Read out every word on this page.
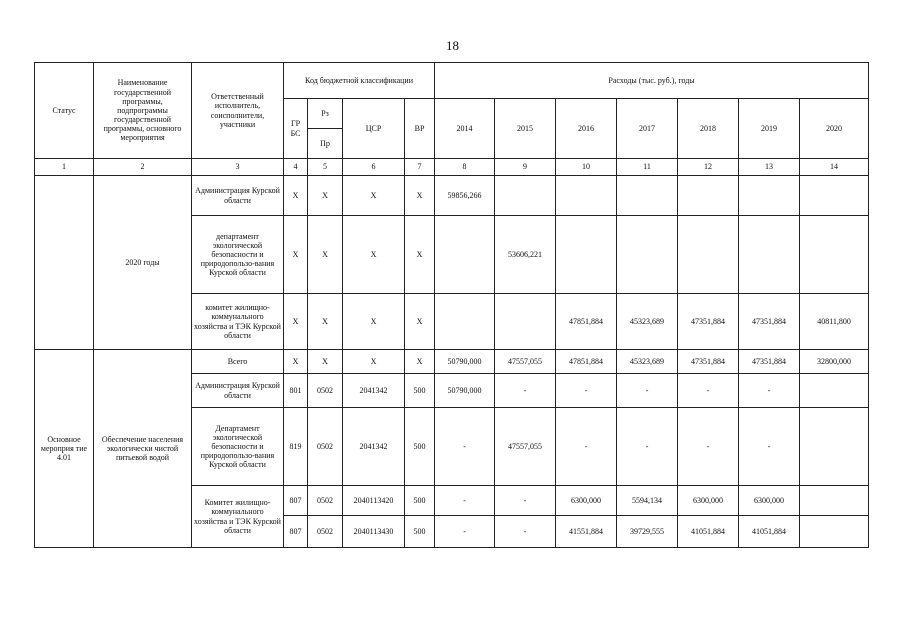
18
Статус	Наименование государственной программы, подпрограммы государственной программы, основного мероприятия	Ответственный исполнитель, соисполнители, участники	Код бюджетной классификации				Расходы (тыс. руб.), годы						
			ГР БС	Рз	ЦСР	ВР	2014	2015	2016	2017	2018	2019	2020
				Пр									
1	2	3	4	5	6	7	8	9	10	11	12	13	14
	2020 годы	Администрация Курской области	Х	Х	Х	Х	59856,266						
		департамент экологической безопасности и природопользо-вания Курской области	Х	Х	Х	Х		53606,221					
		комитет жилищно-коммунального хозяйства и ТЭК Курской области	Х	Х	Х	Х			47851,884	45323,689	47351,884	47351,884	40811,800
Основное мероприя тие 4.01	Обеспечение населения экологически чистой питьевой водой	Всего	Х	Х	Х	Х	50790,000	47557,055	47851,884	45323,689	47351,884	47351,884	32800,000
		Администрация Курской области	801	0502	2041342	500	50790,000	-	-	-	-	-	
		Департамент экологической безопасности и природопользо-вания Курской области	819	0502	2041342	500	-	47557,055	-	-	-	-	
		Комитет жилищно-коммунального хозяйства и ТЭК Курской области	807	0502	2040113420	500	-	-	6300,000	5594,134	6300,000	6300,000	
			807	0502	2040113430	500	-	-	41551,884	39729,555	41051,884	41051,884	
